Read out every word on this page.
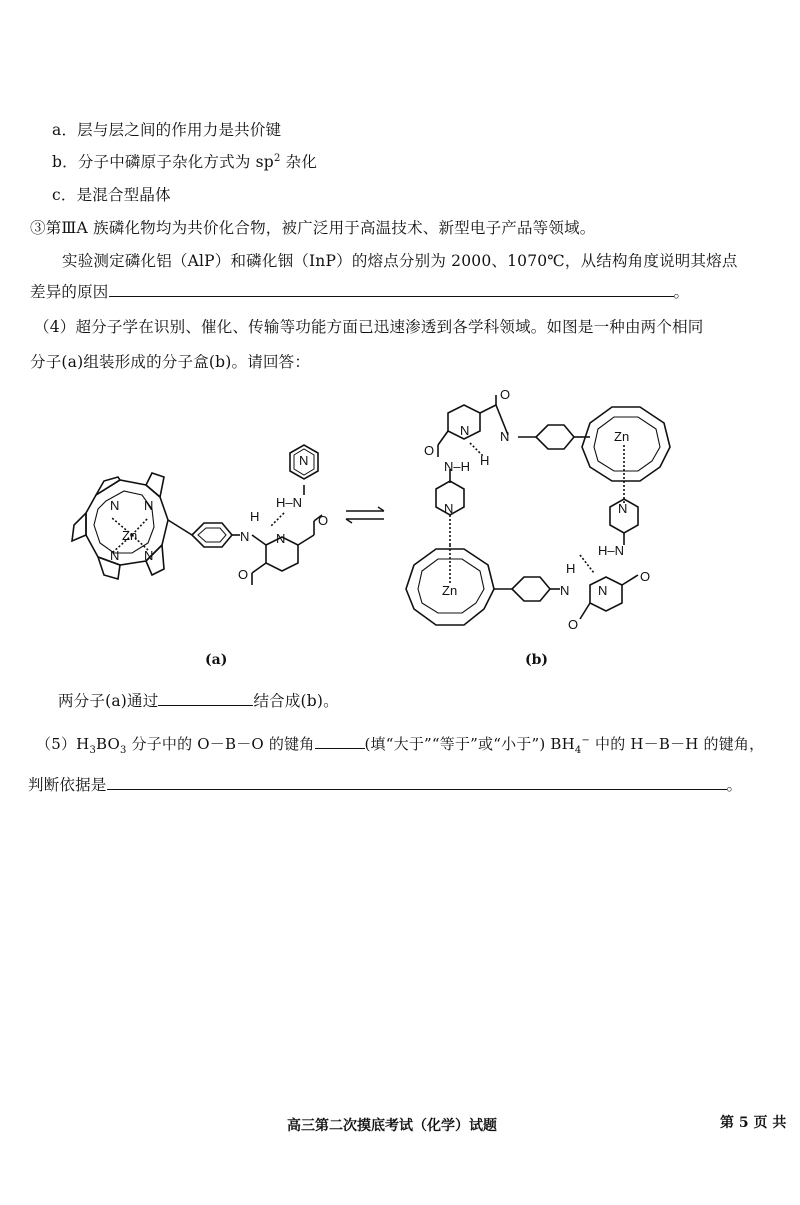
a．层与层之间的作用力是共价键
b．分子中磷原子杂化方式为 $sp^2$ 杂化
c．是混合型晶体
③第ⅢA 族磷化物均为共价化合物，被广泛用于高温技术、新型电子产品等领域。
实验测定磷化铝（AlP）和磷化铟（InP）的熔点分别为 2000、1070℃，从结构角度说明其熔点
差异的原因	。
（4）超分子学在识别、催化、传输等功能方面已迅速渗透到各学科领域。如图是一种由两个相同
分子(a)组装形成的分子盒(b)。请回答：
N N
N N
Zn	N
H
N
O
O
H–N
N
N
O
N
H
O
N–H
N
Zn
N
H–N
H
Zn	N N
O
O
(a)	(b)
两分子(a)通过	结合成(b)。
$(5)H_3BO_3$ 分子中的 O－B－O 的键角	(填“大于”“等于”或“小于”) $BH_4^-$ 中的 H－B－H 的键角，
判断依据是	。
高三第二次摸底考试（化学）试题	第 5 页 共
